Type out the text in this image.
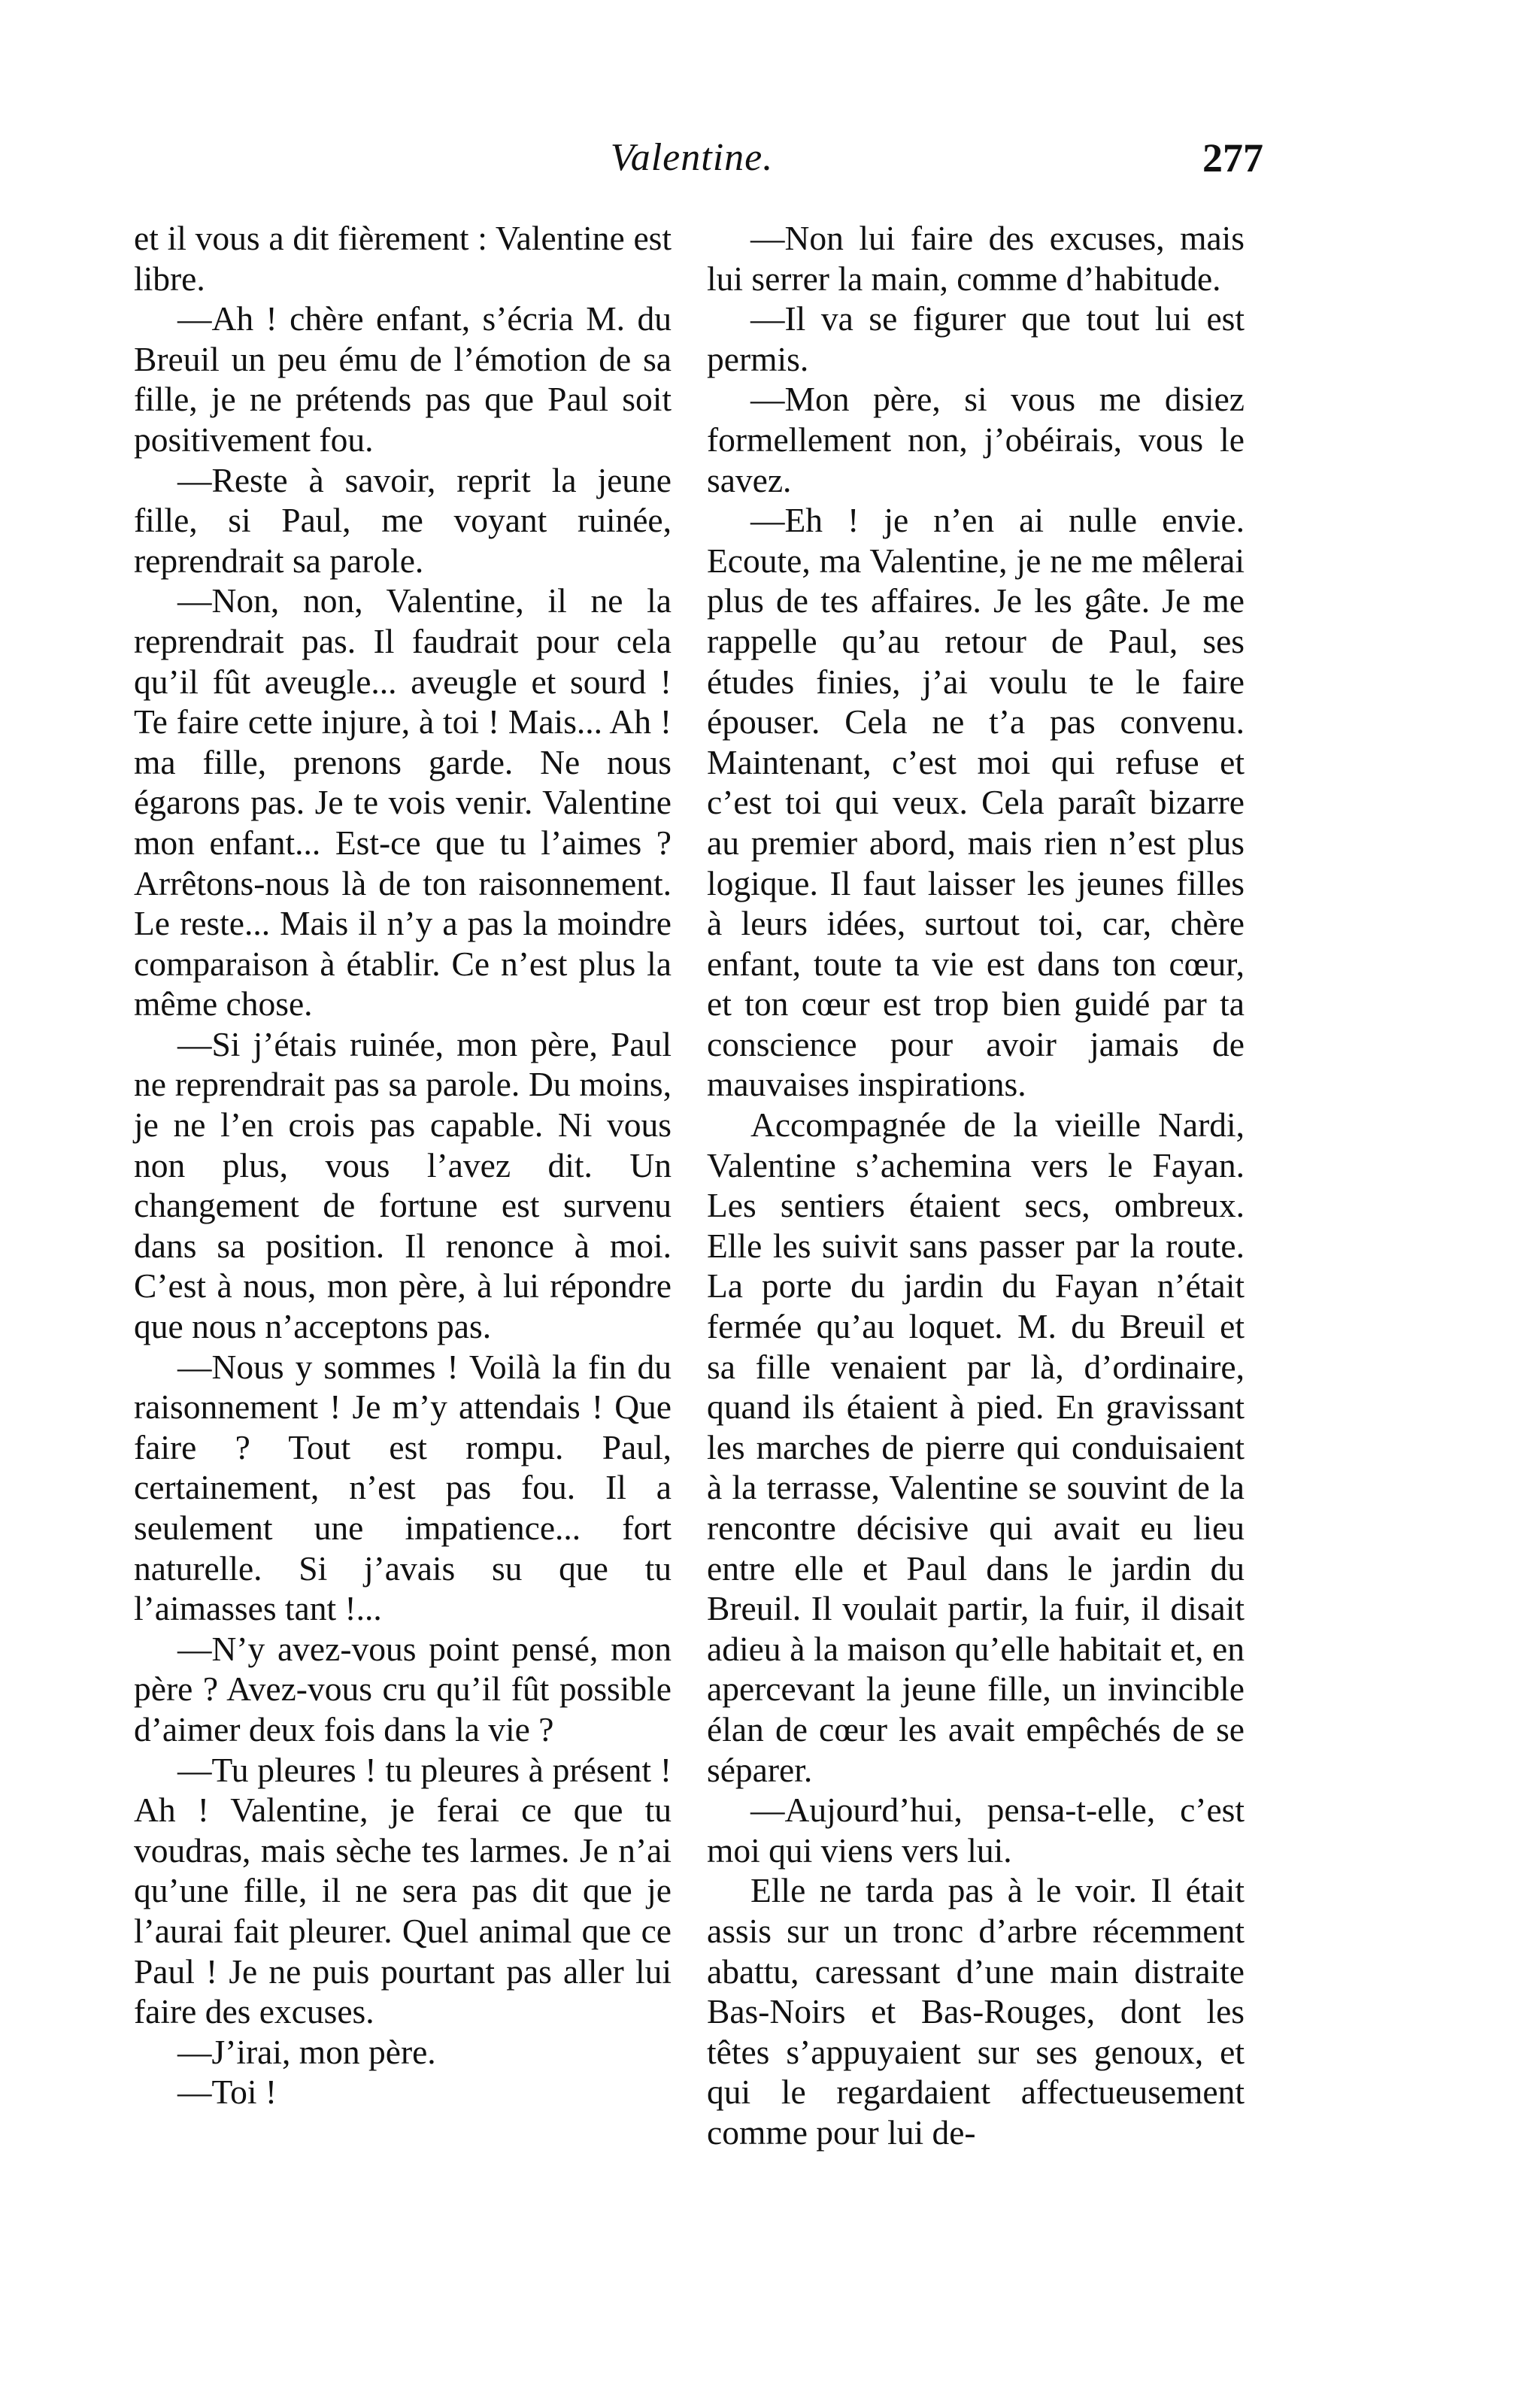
Valentine.	277

et il vous a dit fièrement : Valentine est libre.

—Ah ! chère enfant, s’écria M. du Breuil un peu ému de l’émotion de sa fille, je ne prétends pas que Paul soit positivement fou.

—Reste à savoir, reprit la jeune fille, si Paul, me voyant ruinée, reprendrait sa parole.

—Non, non, Valentine, il ne la reprendrait pas. Il faudrait pour cela qu’il fût aveugle... aveugle et sourd ! Te faire cette injure, à toi ! Mais... Ah ! ma fille, prenons garde. Ne nous égarons pas. Je te vois venir. Valentine mon enfant... Est-ce que tu l’aimes ? Arrêtons-nous là de ton raisonnement. Le reste... Mais il n’y a pas la moindre comparaison à établir. Ce n’est plus la même chose.

—Si j’étais ruinée, mon père, Paul ne reprendrait pas sa parole. Du moins, je ne l’en crois pas capable. Ni vous non plus, vous l’avez dit. Un changement de fortune est survenu dans sa position. Il renonce à moi. C’est à nous, mon père, à lui répondre que nous n’acceptons pas.

—Nous y sommes ! Voilà la fin du raisonnement ! Je m’y attendais ! Que faire ? Tout est rompu. Paul, certainement, n’est pas fou. Il a seulement une impatience... fort naturelle. Si j’avais su que tu l’aimasses tant !...

—N’y avez-vous point pensé, mon père ? Avez-vous cru qu’il fût possible d’aimer deux fois dans la vie ?

—Tu pleures ! tu pleures à présent ! Ah ! Valentine, je ferai ce que tu voudras, mais sèche tes larmes. Je n’ai qu’une fille, il ne sera pas dit que je l’aurai fait pleurer. Quel animal que ce Paul ! Je ne puis pourtant pas aller lui faire des excuses.

—J’irai, mon père.

—Toi !

—Non lui faire des excuses, mais lui serrer la main, comme d’habitude.

—Il va se figurer que tout lui est permis.

—Mon père, si vous me disiez formellement non, j’obéirais, vous le savez.

—Eh ! je n’en ai nulle envie. Ecoute, ma Valentine, je ne me mêlerai plus de tes affaires. Je les gâte. Je me rappelle qu’au retour de Paul, ses études finies, j’ai voulu te le faire épouser. Cela ne t’a pas convenu. Maintenant, c’est moi qui refuse et c’est toi qui veux. Cela paraît bizarre au premier abord, mais rien n’est plus logique. Il faut laisser les jeunes filles à leurs idées, surtout toi, car, chère enfant, toute ta vie est dans ton cœur, et ton cœur est trop bien guidé par ta conscience pour avoir jamais de mauvaises inspirations.

Accompagnée de la vieille Nardi, Valentine s’achemina vers le Fayan. Les sentiers étaient secs, ombreux. Elle les suivit sans passer par la route. La porte du jardin du Fayan n’était fermée qu’au loquet. M. du Breuil et sa fille venaient par là, d’ordinaire, quand ils étaient à pied. En gravissant les marches de pierre qui conduisaient à la terrasse, Valentine se souvint de la rencontre décisive qui avait eu lieu entre elle et Paul dans le jardin du Breuil. Il voulait partir, la fuir, il disait adieu à la maison qu’elle habitait et, en apercevant la jeune fille, un invincible élan de cœur les avait empêchés de se séparer.

—Aujourd’hui, pensa-t-elle, c’est moi qui viens vers lui.

Elle ne tarda pas à le voir. Il était assis sur un tronc d’arbre récemment abattu, caressant d’une main distraite Bas-Noirs et Bas-Rouges, dont les têtes s’appuyaient sur ses genoux, et qui le regardaient affectueusement comme pour lui de-
